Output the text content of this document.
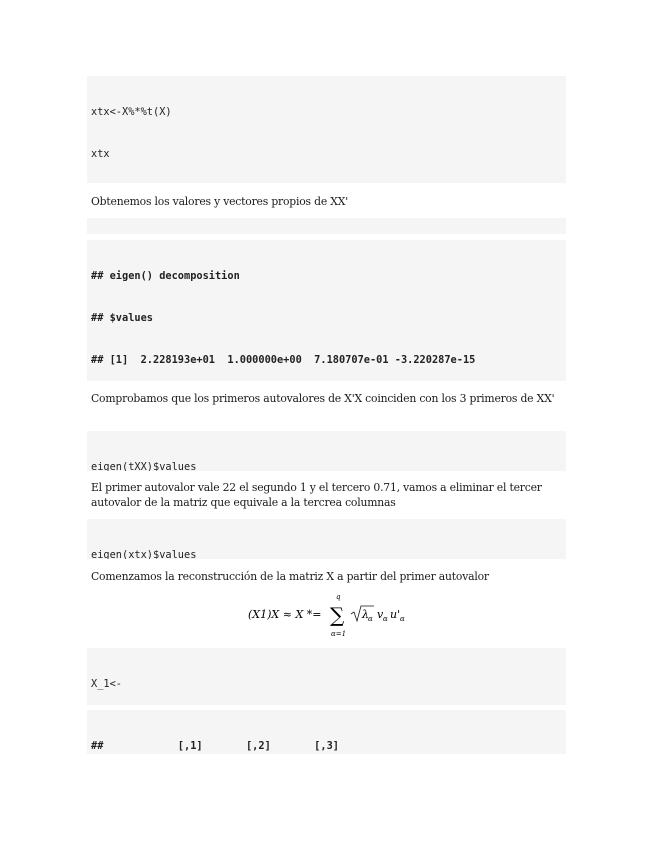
xtx<-X%*%t(X)

xtx

Obtenemos los valores y vectores propios de XX'

## eigen() decomposition

## $values

## [1]  2.228193e+01  1.000000e+00  7.180707e-01 -3.220287e-15

Comprobamos que los primeros autovalores de X'X coinciden con los 3 primeros de XX'

eigen(tXX)$values

El primer autovalor vale 22 el segundo 1 y el tercero 0.71, vamos a eliminar el tercer autovalor de la matriz que equivale a la tercrea columnas

eigen(xtx)$values

Comenzamos la reconstrucción de la matriz X a partir del primer autovalor
(X1)X ≈ X *=
q
∑
α=1
λ α v α u' α

X_1<-

##            [,1]       [,2]       [,3]
